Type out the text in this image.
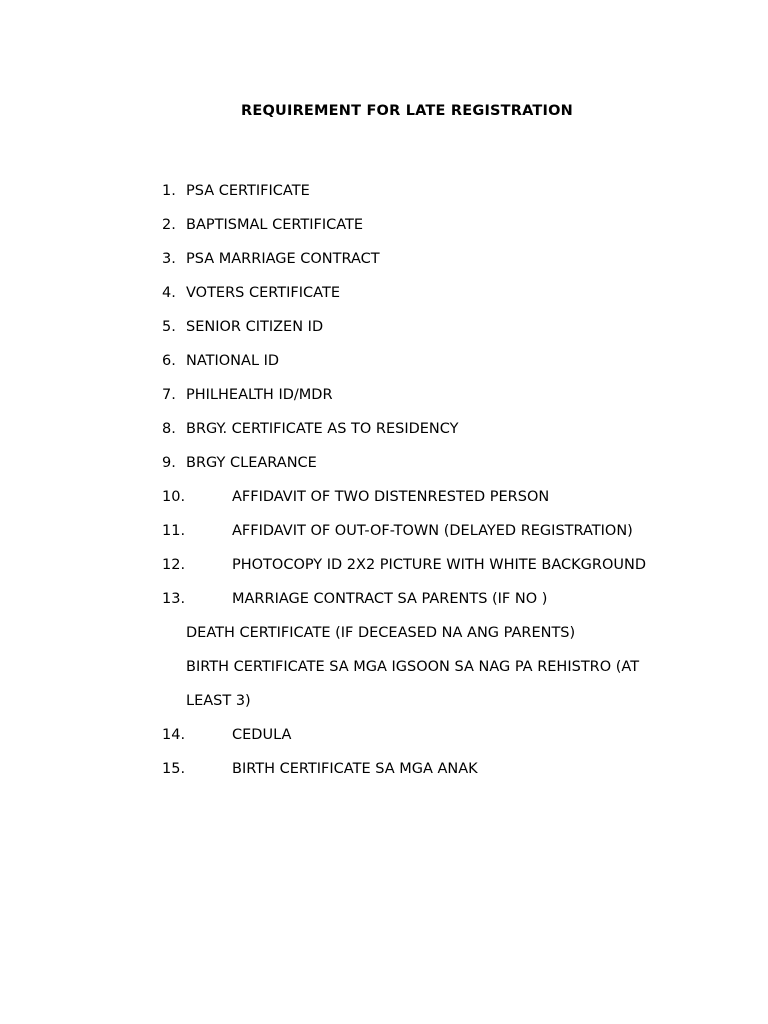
REQUIREMENT FOR LATE REGISTRATION
1. PSA CERTIFICATE
2. BAPTISMAL CERTIFICATE
3. PSA MARRIAGE CONTRACT
4. VOTERS CERTIFICATE
5. SENIOR CITIZEN ID
6. NATIONAL ID
7. PHILHEALTH ID/MDR
8. BRGY. CERTIFICATE AS TO RESIDENCY
9. BRGY CLEARANCE
10.	AFFIDAVIT OF TWO DISTENRESTED PERSON
11.	AFFIDAVIT OF OUT-OF-TOWN (DELAYED REGISTRATION)
12.	PHOTOCOPY ID 2X2 PICTURE WITH WHITE BACKGROUND
13.	MARRIAGE CONTRACT SA PARENTS (IF NO )
DEATH CERTIFICATE (IF DECEASED NA ANG PARENTS)
BIRTH CERTIFICATE SA MGA IGSOON SA NAG PA REHISTRO (AT
LEAST 3)
14.	CEDULA
15.	BIRTH CERTIFICATE SA MGA ANAK
